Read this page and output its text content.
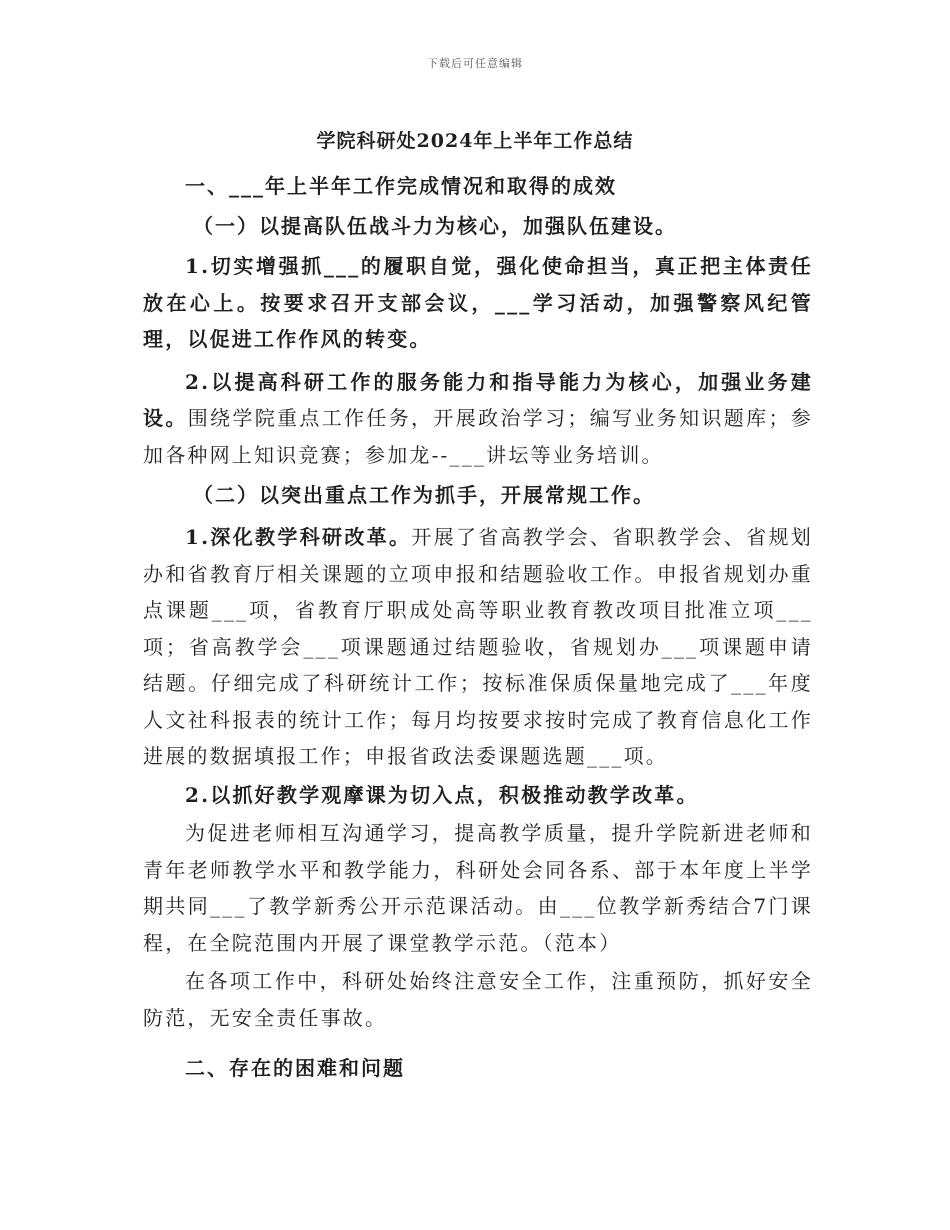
下载后可任意编辑
学院科研处2024年上半年工作总结

一、___年上半年工作完成情况和取得的成效

（一）以提高队伍战斗力为核心，加强队伍建设。

1.切实增强抓___的履职自觉，强化使命担当，真正把主体责任放在心上。按要求召开支部会议，___学习活动，加强警察风纪管理，以促进工作作风的转变。

2.以提高科研工作的服务能力和指导能力为核心，加强业务建设。围绕学院重点工作任务，开展政治学习；编写业务知识题库；参加各种网上知识竞赛；参加龙--___讲坛等业务培训。

（二）以突出重点工作为抓手，开展常规工作。

1.深化教学科研改革。开展了省高教学会、省职教学会、省规划办和省教育厅相关课题的立项申报和结题验收工作。申报省规划办重点课题___项，省教育厅职成处高等职业教育教改项目批准立项___项；省高教学会___项课题通过结题验收，省规划办___项课题申请结题。仔细完成了科研统计工作；按标准保质保量地完成了___年度人文社科报表的统计工作；每月均按要求按时完成了教育信息化工作进展的数据填报工作；申报省政法委课题选题___项。

2.以抓好教学观摩课为切入点，积极推动教学改革。

为促进老师相互沟通学习，提高教学质量，提升学院新进老师和青年老师教学水平和教学能力，科研处会同各系、部于本年度上半学期共同___了教学新秀公开示范课活动。由___位教学新秀结合7门课程，在全院范围内开展了课堂教学示范。（范本）

在各项工作中，科研处始终注意安全工作，注重预防，抓好安全防范，无安全责任事故。

二、存在的困难和问题
